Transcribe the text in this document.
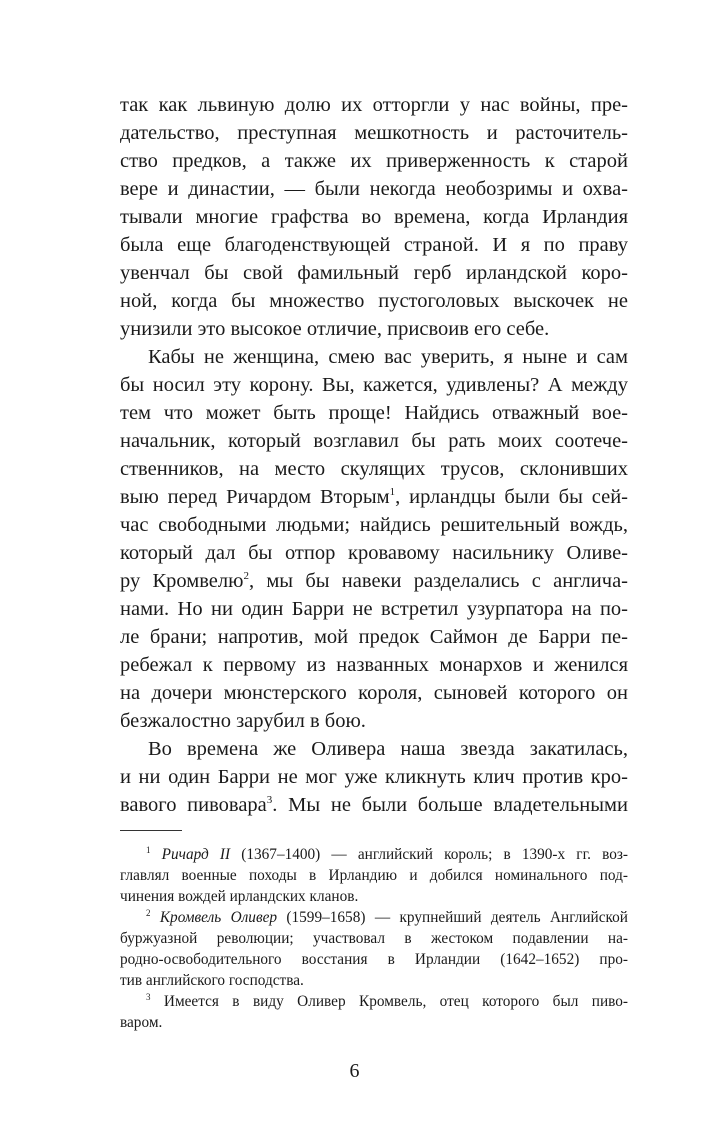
так как львиную долю их отторгли у нас войны, пре-
дательство, преступная мешкотность и расточитель-
ство предков, а также их приверженность к старой
вере и династии, — были некогда необозримы и охва-
тывали многие графства во времена, когда Ирландия
была еще благоденствующей страной. И я по праву
увенчал бы свой фамильный герб ирландской коро-
ной, когда бы множество пустоголовых выскочек не
унизили это высокое отличие, присвоив его себе.
Кабы не женщина, смею вас уверить, я ныне и сам
бы носил эту корону. Вы, кажется, удивлены? А между
тем что может быть проще! Найдись отважный вое-
начальник, который возглавил бы рать моих соотече-
ственников, на место скулящих трусов, склонивших
выю перед Ричардом Вторым$^1$, ирландцы были бы сей-
час свободными людьми; найдись решительный вождь,
который дал бы отпор кровавому насильнику Оливе-
ру Кромвелю$^2$, мы бы навеки разделались с англича-
нами. Но ни один Барри не встретил узурпатора на по-
ле брани; напротив, мой предок Саймон де Барри пе-
ребежал к первому из названных монархов и женился
на дочери мюнстерского короля, сыновей которого он
безжалостно зарубил в бою.
Во времена же Оливера наша звезда закатилась,
и ни один Барри не мог уже кликнуть клич против кро-
вавого пивовара$^3$. Мы не были больше владетельными
$^1$ Ричард II (1367–1400) — английский король; в 1390-х гг. воз-
главлял военные походы в Ирландию и добился номинального под-
чинения вождей ирландских кланов.
$^2$ Кромвель Оливер (1599–1658) — крупнейший деятель Английской
буржуазной революции; участвовал в жестоком подавлении на-
родно-освободительного восстания в Ирландии (1642–1652) про-
тив английского господства.
$^3$ Имеется в виду Оливер Кромвель, отец которого был пиво-
варом.
6
